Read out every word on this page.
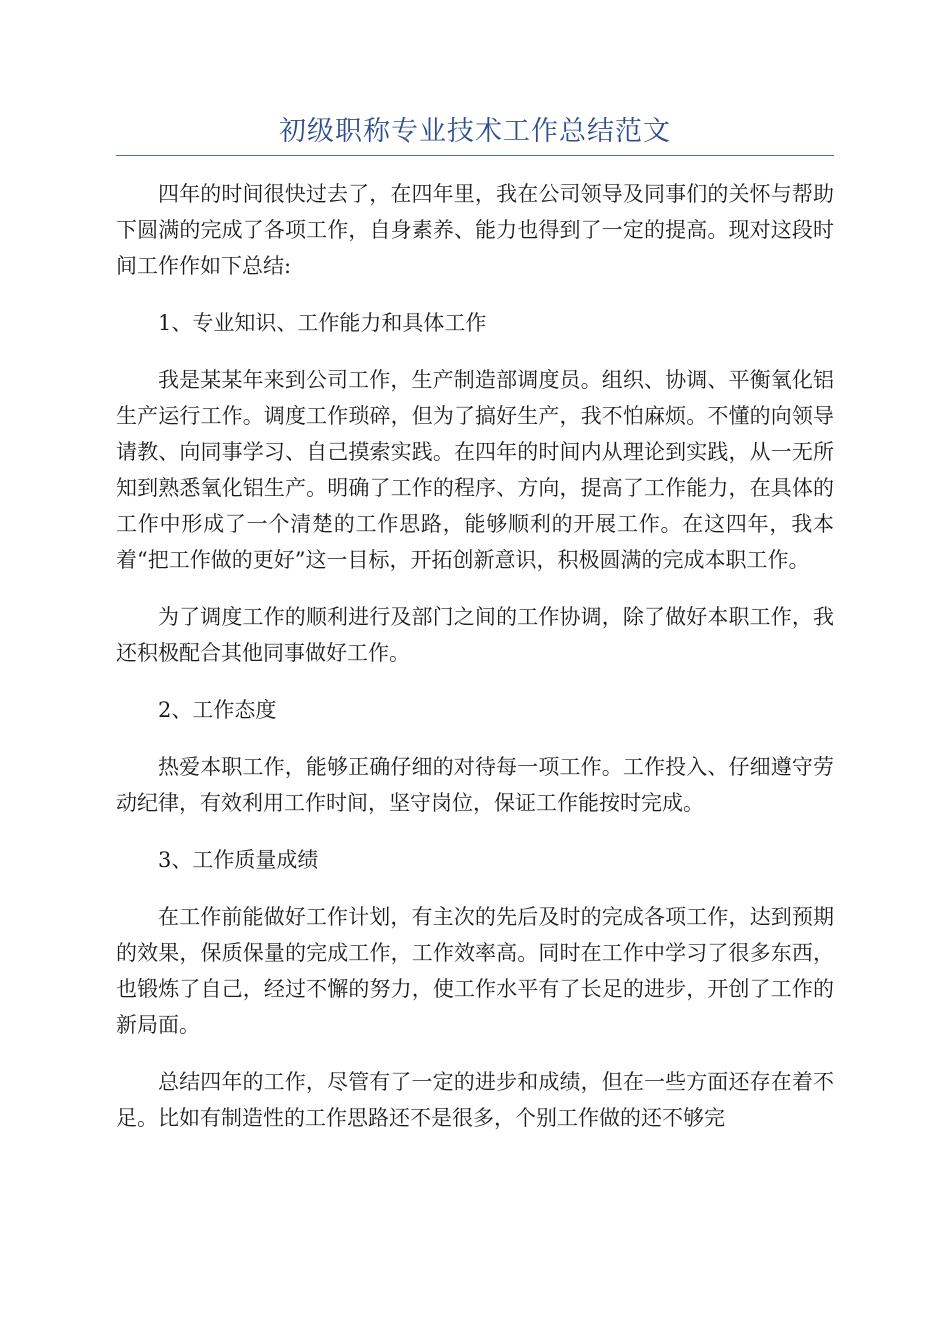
初级职称专业技术工作总结范文

四年的时间很快过去了，在四年里，我在公司领导及同事们的关怀与帮助下圆满的完成了各项工作，自身素养、能力也得到了一定的提高。现对这段时间工作作如下总结:

1、专业知识、工作能力和具体工作

我是某某年来到公司工作，生产制造部调度员。组织、协调、平衡氧化铝生产运行工作。调度工作琐碎，但为了搞好生产，我不怕麻烦。不懂的向领导请教、向同事学习、自己摸索实践。在四年的时间内从理论到实践，从一无所知到熟悉氧化铝生产。明确了工作的程序、方向，提高了工作能力，在具体的工作中形成了一个清楚的工作思路，能够顺利的开展工作。在这四年，我本着“把工作做的更好”这一目标，开拓创新意识，积极圆满的完成本职工作。

为了调度工作的顺利进行及部门之间的工作协调，除了做好本职工作，我还积极配合其他同事做好工作。

2、工作态度

热爱本职工作，能够正确仔细的对待每一项工作。工作投入、仔细遵守劳动纪律，有效利用工作时间，坚守岗位，保证工作能按时完成。

3、工作质量成绩

在工作前能做好工作计划，有主次的先后及时的完成各项工作，达到预期的效果，保质保量的完成工作，工作效率高。同时在工作中学习了很多东西，也锻炼了自己，经过不懈的努力，使工作水平有了长足的进步，开创了工作的新局面。

总结四年的工作，尽管有了一定的进步和成绩，但在一些方面还存在着不足。比如有制造性的工作思路还不是很多，个别工作做的还不够完
